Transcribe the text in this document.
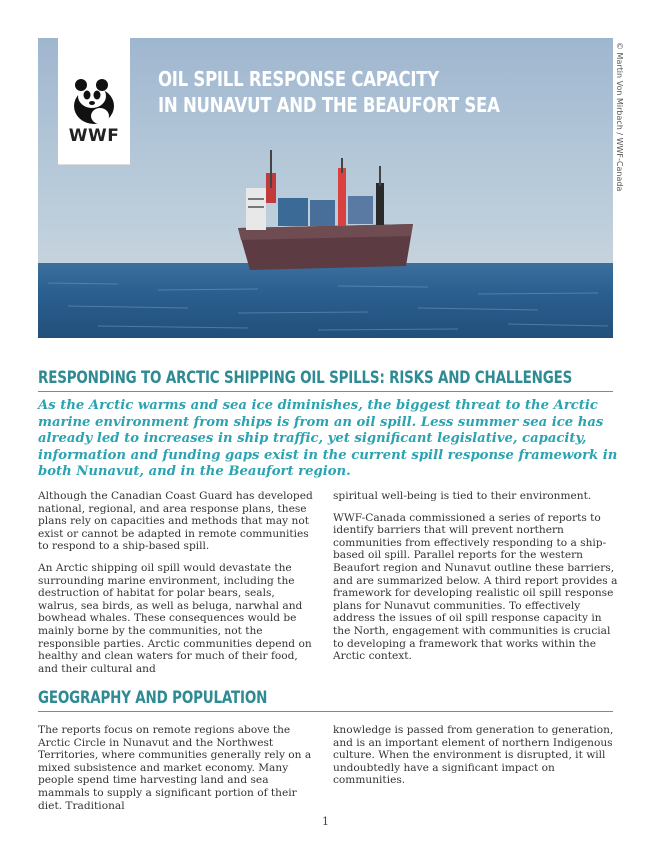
WWF
OIL SPILL RESPONSE CAPACITY
IN NUNAVUT AND THE BEAUFORT SEA	© Martin Von Mirbach / WWF-Canada
RESPONDING TO ARCTIC SHIPPING OIL SPILLS: RISKS AND CHALLENGES
As the Arctic warms and sea ice diminishes, the biggest threat to the Arctic marine environment from ships is from an oil spill. Less summer sea ice has already led to increases in ship traffic, yet significant legislative, capacity, information and funding gaps exist in the current spill response framework in both Nunavut, and in the Beaufort region.

Although the Canadian Coast Guard has developed national, regional, and area response plans, these plans rely on capacities and methods that may not exist or cannot be adapted in remote communities to respond to a ship-based spill.

An Arctic shipping oil spill would devastate the surrounding marine environment, including the destruction of habitat for polar bears, seals, walrus, sea birds, as well as beluga, narwhal and bowhead whales. These consequences would be mainly borne by the communities, not the responsible parties. Arctic communities depend on healthy and clean waters for much of their food, and their cultural and

spiritual well-being is tied to their environment.

WWF-Canada commissioned a series of reports to identify barriers that will prevent northern communities from effectively responding to a ship-based oil spill. Parallel reports for the western Beaufort region and Nunavut outline these barriers, and are summarized below. A third report provides a framework for developing realistic oil spill response plans for Nunavut communities. To effectively address the issues of oil spill response capacity in the North, engagement with communities is crucial to developing a framework that works within the Arctic context.

GEOGRAPHY AND POPULATION

The reports focus on remote regions above the Arctic Circle in Nunavut and the Northwest Territories, where communities generally rely on a mixed subsistence and market economy. Many people spend time harvesting land and sea mammals to supply a significant portion of their diet. Traditional

knowledge is passed from generation to generation, and is an important element of northern Indigenous culture. When the environment is disrupted, it will undoubtedly have a significant impact on communities.

1
